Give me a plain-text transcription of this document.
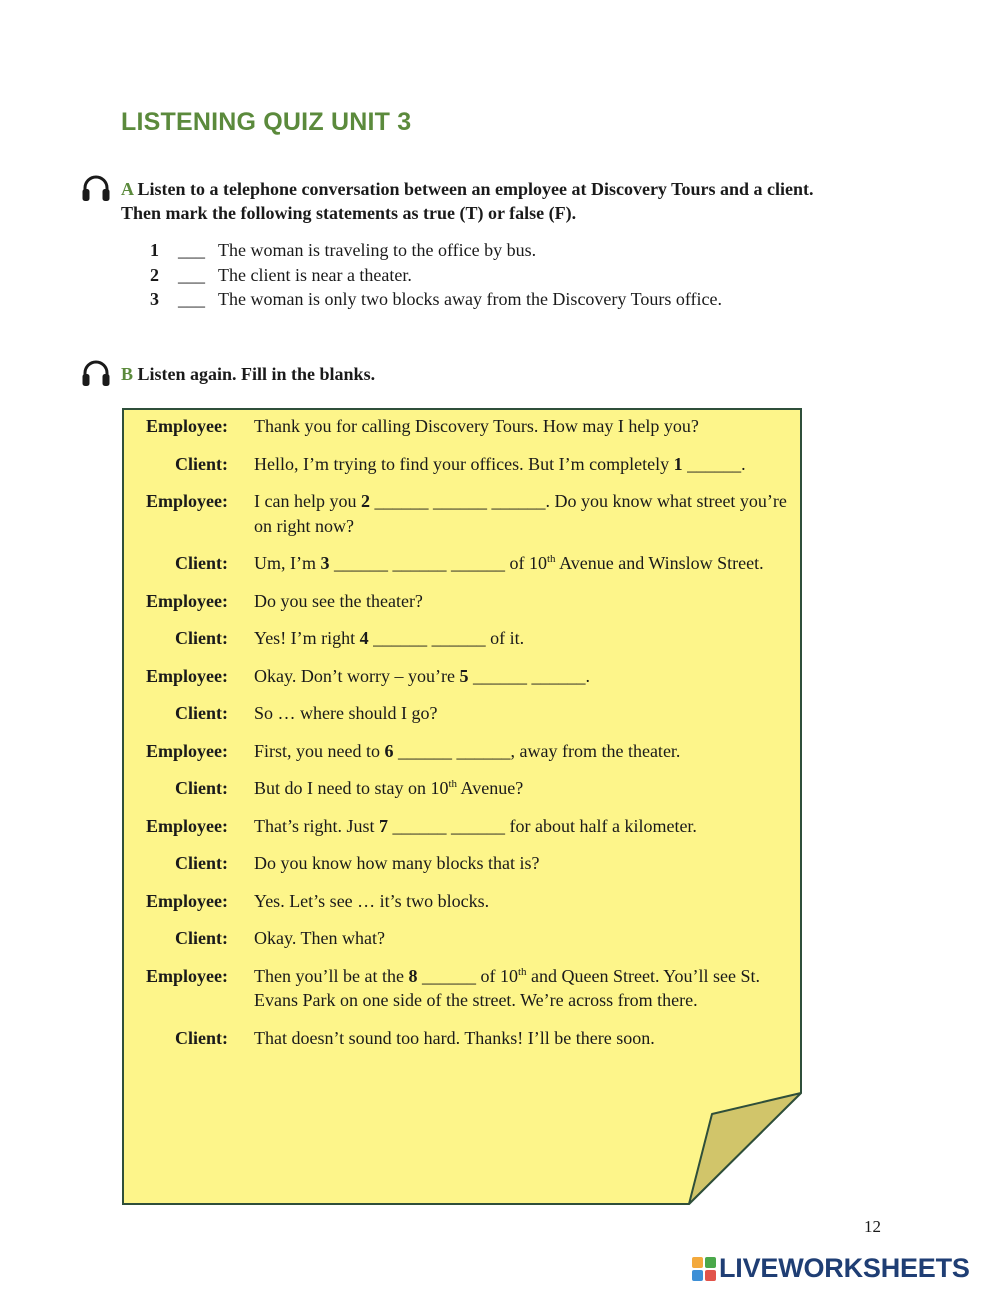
LISTENING QUIZ UNIT 3

A Listen to a telephone conversation between an employee at Discovery Tours and a client. Then mark the following statements as true (T) or false (F).

1 ___ The woman is traveling to the office by bus.
2 ___ The client is near a theater.
3 ___ The woman is only two blocks away from the Discovery Tours office.

B Listen again. Fill in the blanks.

Employee: Thank you for calling Discovery Tours. How may I help you?
Client: Hello, I’m trying to find your offices. But I’m completely 1 ______.
Employee: I can help you 2 ______ ______ ______. Do you know what street you’re on right now?
Client: Um, I’m 3 ______ ______ ______ of 10th Avenue and Winslow Street.
Employee: Do you see the theater?
Client: Yes! I’m right 4 ______ ______ of it.
Employee: Okay. Don’t worry – you’re 5 ______ ______.
Client: So … where should I go?
Employee: First, you need to 6 ______ ______, away from the theater.
Client: But do I need to stay on 10th Avenue?
Employee: That’s right. Just 7 ______ ______ for about half a kilometer.
Client: Do you know how many blocks that is?
Employee: Yes. Let’s see … it’s two blocks.
Client: Okay. Then what?
Employee: Then you’ll be at the 8 ______ of 10th and Queen Street. You’ll see St. Evans Park on one side of the street. We’re across from there.
Client: That doesn’t sound too hard. Thanks! I’ll be there soon.
12
LIVEWORKSHEETS
